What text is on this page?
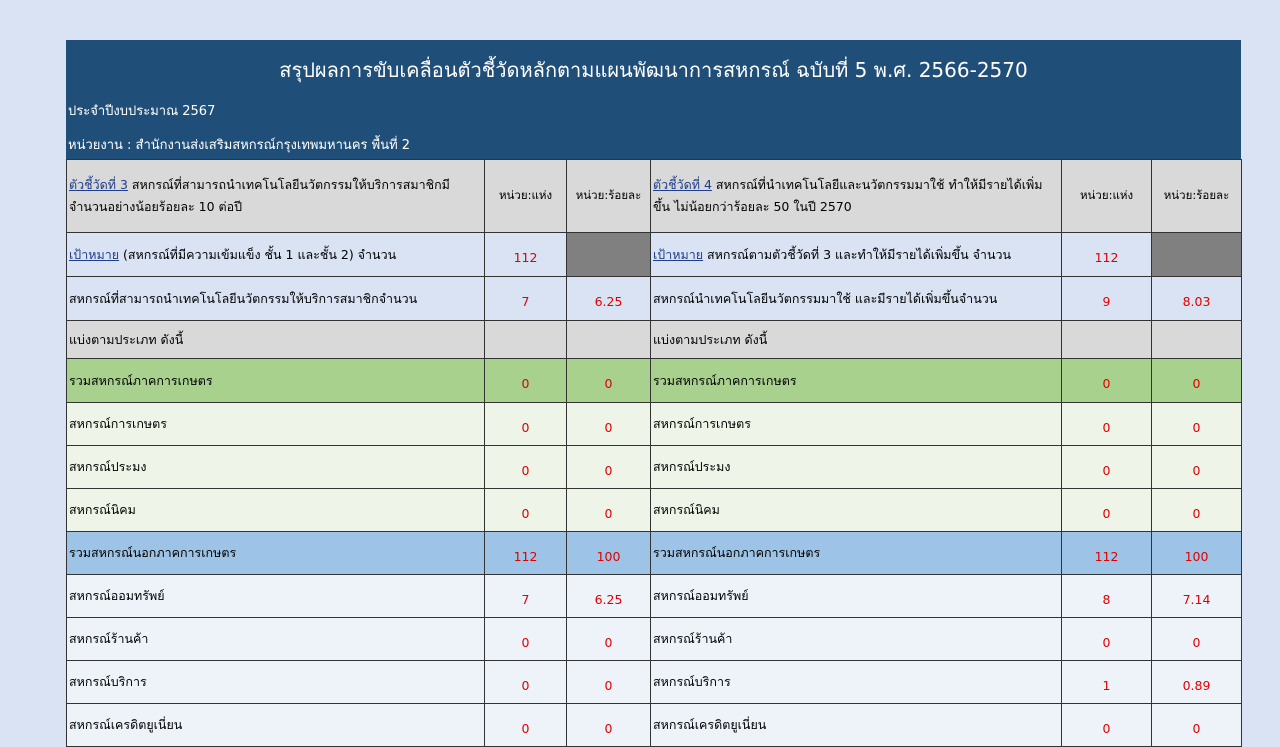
สรุปผลการขับเคลื่อนตัวชี้วัดหลักตามแผนพัฒนาการสหกรณ์ ฉบับที่ 5 พ.ศ. 2566-2570
ประจำปีงบประมาณ 2567
หน่วยงาน : สำนักงานส่งเสริมสหกรณ์กรุงเทพมหานคร พื้นที่ 2
ตัวชี้วัดที่ 3 สหกรณ์ที่สามารถนำเทคโนโลยีนวัตกรรมให้บริการสมาชิกมีจำนวนอย่างน้อยร้อยละ 10 ต่อปี	หน่วย:แห่ง	หน่วย:ร้อยละ	ตัวชี้วัดที่ 4 สหกรณ์ที่นำเทคโนโลยีและนวัตกรรมมาใช้ ทำให้มีรายได้เพิ่มขึ้น ไม่น้อยกว่าร้อยละ 50 ในปี 2570	หน่วย:แห่ง	หน่วย:ร้อยละ
เป้าหมาย (สหกรณ์ที่มีความเข้มแข็ง ชั้น 1 และชั้น 2) จำนวน	112		เป้าหมาย สหกรณ์ตามตัวชี้วัดที่ 3 และทำให้มีรายได้เพิ่มขึ้น จำนวน	112	
สหกรณ์ที่สามารถนำเทคโนโลยีนวัตกรรมให้บริการสมาชิกจำนวน	7	6.25	สหกรณ์นำเทคโนโลยีนวัตกรรมมาใช้ และมีรายได้เพิ่มขึ้นจำนวน	9	8.03
แบ่งตามประเภท ดังนี้			แบ่งตามประเภท ดังนี้		
รวมสหกรณ์ภาคการเกษตร	0	0	รวมสหกรณ์ภาคการเกษตร	0	0
สหกรณ์การเกษตร	0	0	สหกรณ์การเกษตร	0	0
สหกรณ์ประมง	0	0	สหกรณ์ประมง	0	0
สหกรณ์นิคม	0	0	สหกรณ์นิคม	0	0
รวมสหกรณ์นอกภาคการเกษตร	112	100	รวมสหกรณ์นอกภาคการเกษตร	112	100
สหกรณ์ออมทรัพย์	7	6.25	สหกรณ์ออมทรัพย์	8	7.14
สหกรณ์ร้านค้า	0	0	สหกรณ์ร้านค้า	0	0
สหกรณ์บริการ	0	0	สหกรณ์บริการ	1	0.89
สหกรณ์เครดิตยูเนี่ยน	0	0	สหกรณ์เครดิตยูเนี่ยน	0	0
